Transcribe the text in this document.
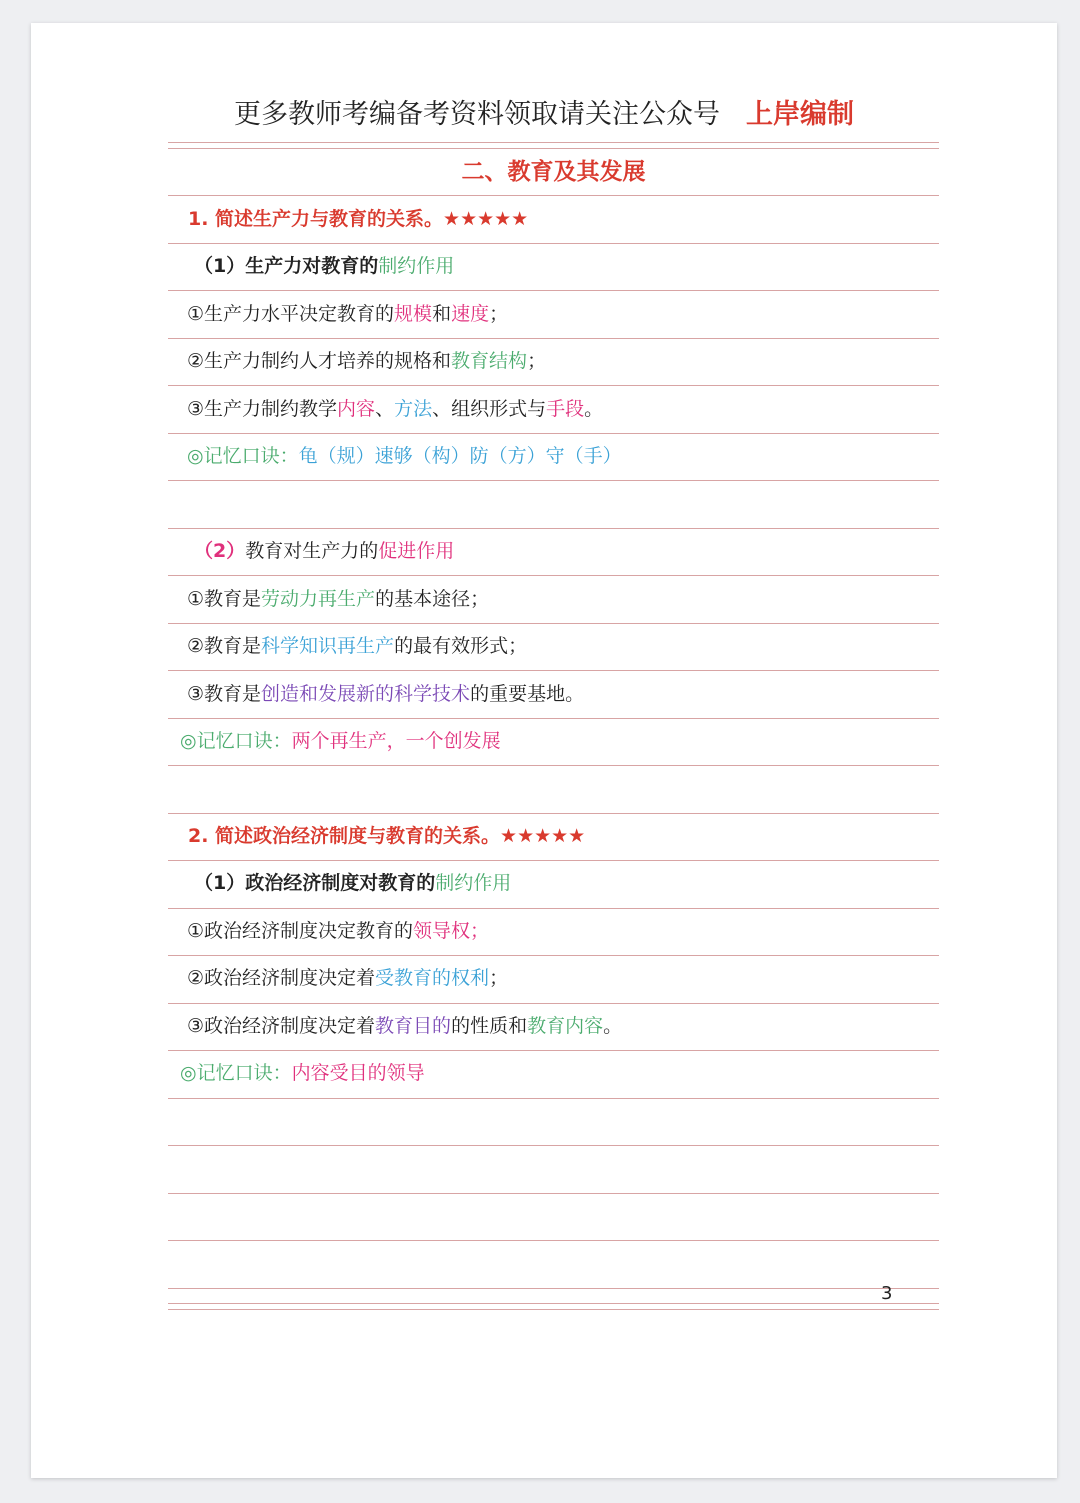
更多教师考编备考资料领取请关注公众号 上岸编制
二、教育及其发展
1. 简述生产力与教育的关系。★★★★★
（1）生产力对教育的制约作用
①生产力水平决定教育的规模和速度；
②生产力制约人才培养的规格和教育结构；
③生产力制约教学内容、方法、组织形式与手段。
◎记忆口诀：龟（规）速够（构）防（方）守（手）
（2）教育对生产力的促进作用
①教育是劳动力再生产的基本途径；
②教育是科学知识再生产的最有效形式；
③教育是创造和发展新的科学技术的重要基地。
◎记忆口诀：两个再生产，一个创发展
2. 简述政治经济制度与教育的关系。★★★★★
（1）政治经济制度对教育的制约作用
①政治经济制度决定教育的领导权；
②政治经济制度决定着受教育的权利；
③政治经济制度决定着教育目的的性质和教育内容。
◎记忆口诀：内容受目的领导
3
